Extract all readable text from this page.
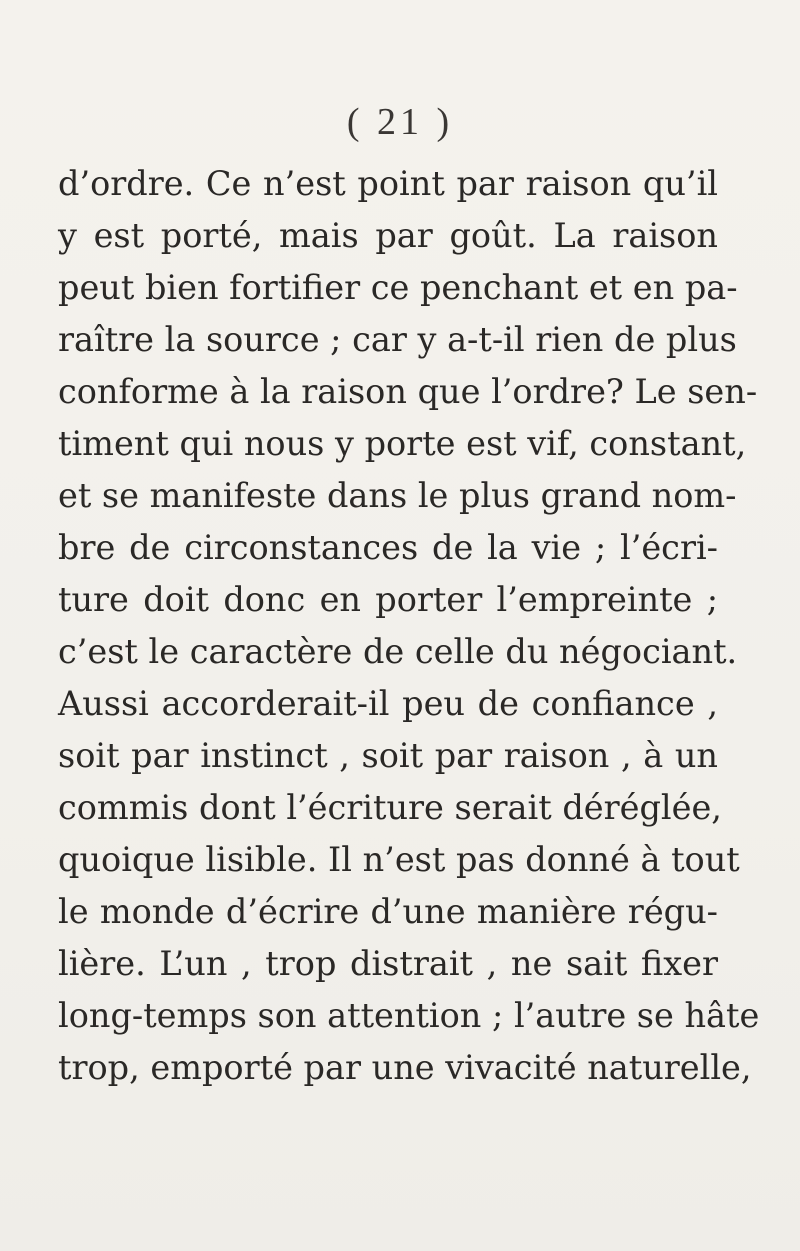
( 21 )
d’ordre. Ce n’est point par raison qu’il
y est porté, mais par goût. La raison
peut bien fortifier ce penchant et en pa-
raître la source ; car y a-t-il rien de plus
conforme à la raison que l’ordre? Le sen-
timent qui nous y porte est vif, constant,
et se manifeste dans le plus grand nom-
bre de circonstances de la vie ; l’écri-
ture doit donc en porter l’empreinte ;
c’est le caractère de celle du négociant.
Aussi accorderait-il peu de confiance ,
soit par instinct , soit par raison , à un
commis dont l’écriture serait déréglée,
quoique lisible. Il n’est pas donné à tout
le monde d’écrire d’une manière régu-
lière. L’un , trop distrait , ne sait fixer
long-temps son attention ; l’autre se hâte
trop, emporté par une vivacité naturelle,
